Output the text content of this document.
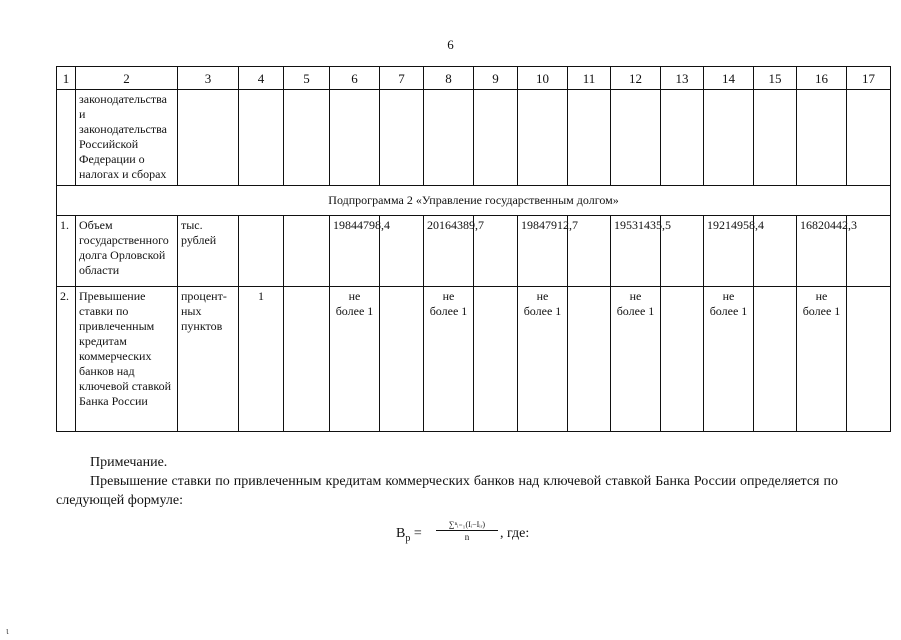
6
1	2	3	4	5	6	7	8	9	10	11	12	13	14	15	16	17
	законодательства и законодательства Российской Федерации о налогах и сборах															
Подпрограмма 2 «Управление государственным долгом»																
1.	Объем государственного долга Орловской области	тыс. рублей			19844798,4		20164389,7		19847912,7		19531435,5		19214958,4		16820442,3	
2.	Превышение ставки по привлеченным кредитам коммерческих банков над ключевой ставкой Банка России	процент-ных пунктов	1		не более 1		не более 1		не более 1		не более 1		не более 1		не более 1	
Примечание.
Превышение ставки по привлеченным кредитам коммерческих банков над ключевой ставкой Банка России определяется по следующей формуле:
$B_p$ =
∑ⁿᵢ₌₁(Iᵢ−Iᵢᵣ)
n	, где:
ι
